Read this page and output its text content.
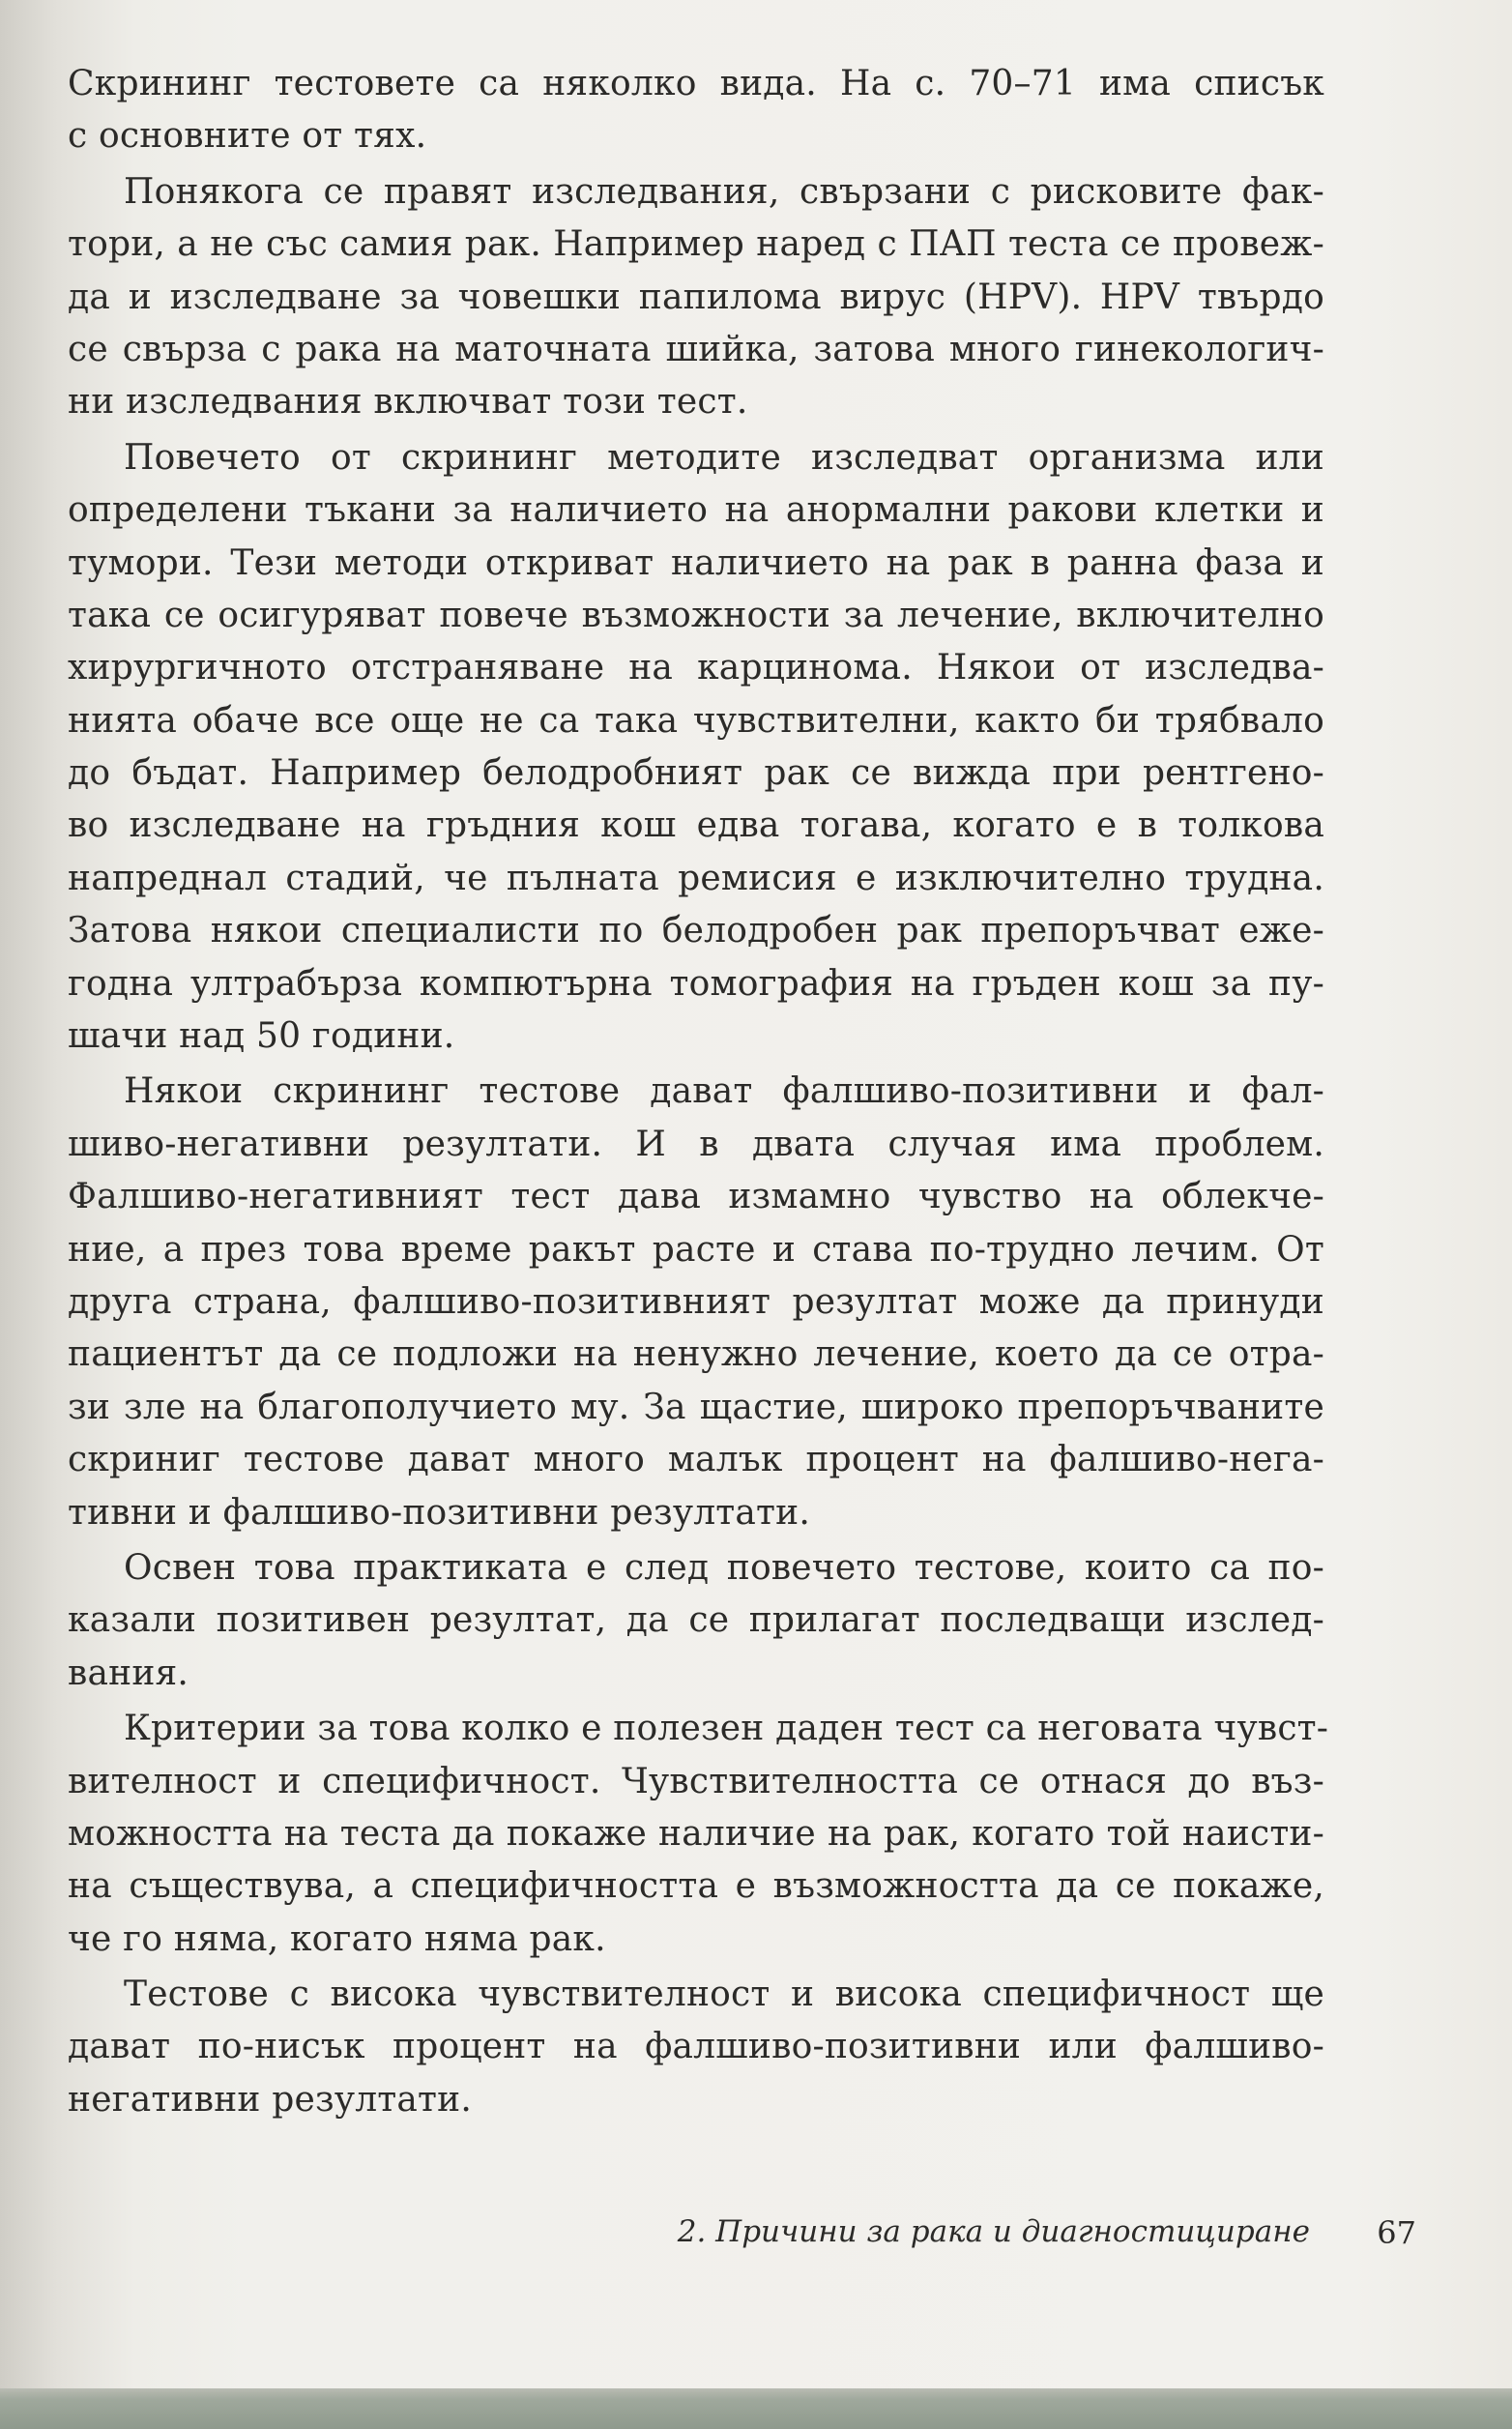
Скрининг тестовете са няколко вида. На с. 70–71 има списък
с основните от тях.
Понякога се правят изследвания, свързани с рисковите фак-
тори, а не със самия рак. Например наред с ПАП теста се провеж-
да и изследване за човешки папилома вирус (HPV). HPV твърдо
се свърза с рака на маточната шийка, затова много гинекологич-
ни изследвания включват този тест.
Повечето от скрининг методите изследват организма или
определени тъкани за наличието на анормални ракови клетки и
тумори. Тези методи откриват наличието на рак в ранна фаза и
така се осигуряват повече възможности за лечение, включително
хирургичното отстраняване на карцинома. Някои от изследва-
нията обаче все още не са така чувствителни, както би трябвало
до бъдат. Например белодробният рак се вижда при рентгено-
во изследване на гръдния кош едва тогава, когато е в толкова
напреднал стадий, че пълната ремисия е изключително трудна.
Затова някои специалисти по белодробен рак препоръчват еже-
годна ултрабърза компютърна томография на гръден кош за пу-
шачи над 50 години.
Някои скрининг тестове дават фалшиво-позитивни и фал-
шиво-негативни резултати. И в двата случая има проблем.
Фалшиво-негативният тест дава измамно чувство на облекче-
ние, а през това време ракът расте и става по-трудно лечим. От
друга страна, фалшиво-позитивният резултат може да принуди
пациентът да се подложи на ненужно лечение, което да се отра-
зи зле на благополучието му. За щастие, широко препоръчваните
скриниг тестове дават много малък процент на фалшиво-нега-
тивни и фалшиво-позитивни резултати.
Освен това практиката е след повечето тестове, които са по-
казали позитивен резултат, да се прилагат последващи изслед-
вания.
Критерии за това колко е полезен даден тест са неговата чувст-
вителност и специфичност. Чувствителността се отнася до въз-
можността на теста да покаже наличие на рак, когато той наисти-
на съществува, а специфичността е възможността да се покаже,
че го няма, когато няма рак.
Тестове с висока чувствителност и висока специфичност ще
дават по-нисък процент на фалшиво-позитивни или фалшиво-
негативни резултати.
2. Причини за рака и диагностициране 67
